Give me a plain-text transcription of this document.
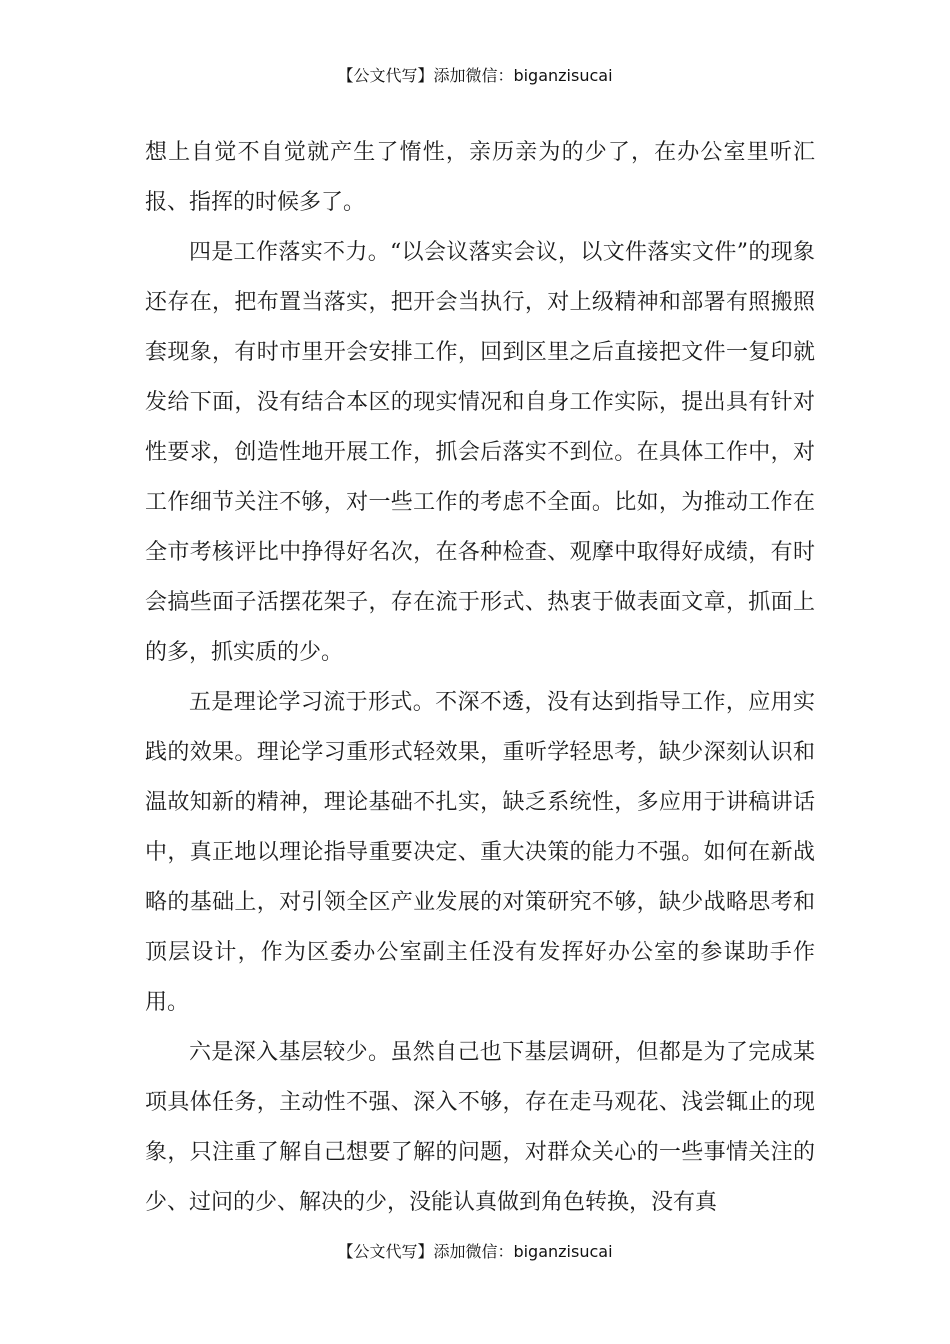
【公文代写】添加微信：biganzisucai

想上自觉不自觉就产生了惰性，亲历亲为的少了，在办公室里听汇报、指挥的时候多了。

四是工作落实不力。“以会议落实会议，以文件落实文件”的现象还存在，把布置当落实，把开会当执行，对上级精神和部署有照搬照套现象，有时市里开会安排工作，回到区里之后直接把文件一复印就发给下面，没有结合本区的现实情况和自身工作实际，提出具有针对性要求，创造性地开展工作，抓会后落实不到位。在具体工作中，对工作细节关注不够，对一些工作的考虑不全面。比如，为推动工作在全市考核评比中挣得好名次，在各种检查、观摩中取得好成绩，有时会搞些面子活摆花架子，存在流于形式、热衷于做表面文章，抓面上的多，抓实质的少。

五是理论学习流于形式。不深不透，没有达到指导工作，应用实践的效果。理论学习重形式轻效果，重听学轻思考，缺少深刻认识和温故知新的精神，理论基础不扎实，缺乏系统性，多应用于讲稿讲话中，真正地以理论指导重要决定、重大决策的能力不强。如何在新战略的基础上，对引领全区产业发展的对策研究不够，缺少战略思考和顶层设计，作为区委办公室副主任没有发挥好办公室的参谋助手作用。

六是深入基层较少。虽然自己也下基层调研，但都是为了完成某项具体任务，主动性不强、深入不够，存在走马观花、浅尝辄止的现象，只注重了解自己想要了解的问题，对群众关心的一些事情关注的少、过问的少、解决的少，没能认真做到角色转换，没有真

【公文代写】添加微信：biganzisucai
